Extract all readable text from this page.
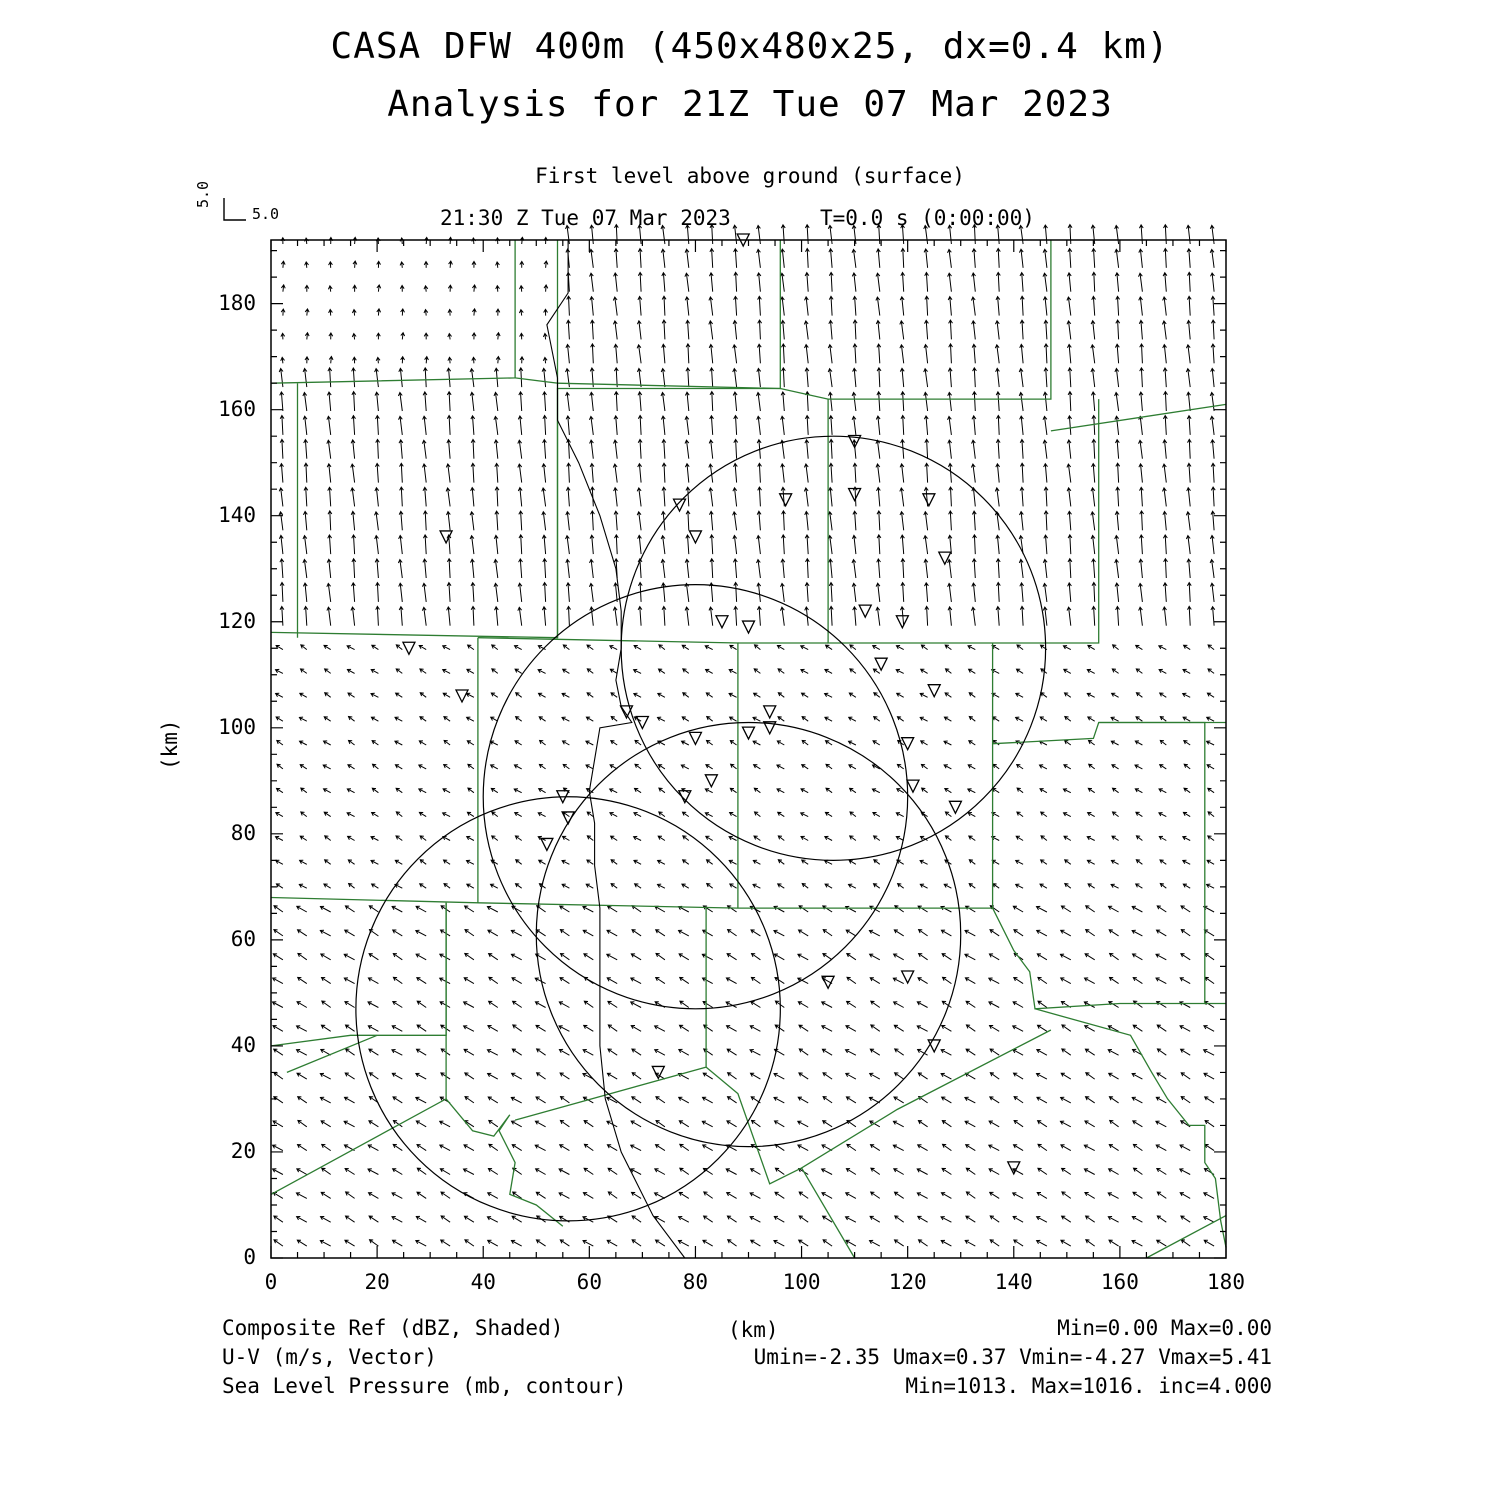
CASA DFW 400m (450x480x25, dx=0.4 km)
Analysis for 21Z Tue 07 Mar 2023
First level above ground (surface)
21:30 Z Tue 07 Mar 2023	T=0.0 s (0:00:00)
5.0
5.0
(km)
(km)
0	20	40	60	80	100	120	140	160	180
0
20
40
60
80
100
120
140
160
180
Composite Ref (dBZ, Shaded)	Min=0.00 Max=0.00
U-V (m/s, Vector)	Umin=-2.35 Umax=0.37 Vmin=-4.27 Vmax=5.41
Sea Level Pressure (mb, contour)	Min=1013. Max=1016. inc=4.000
